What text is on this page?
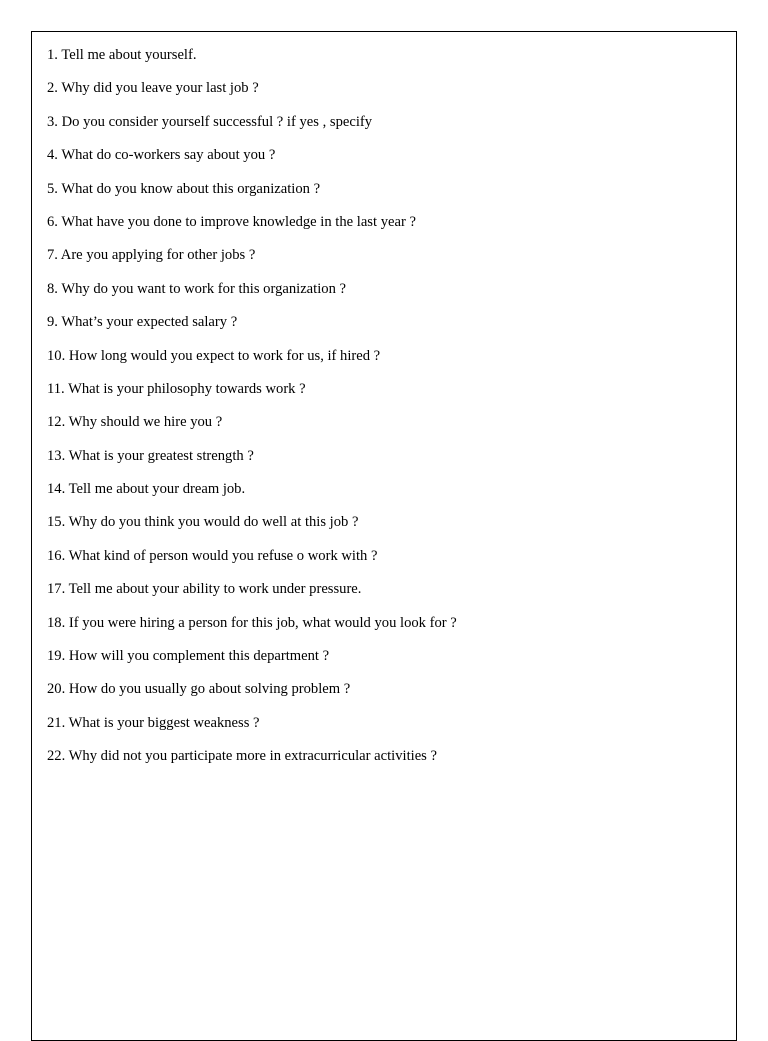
1. Tell me about yourself.
2. Why did you leave your last job ?
3. Do you consider yourself successful ? if yes , specify
4. What do co-workers say about you ?
5. What do you know about this organization ?
6. What have you done to improve knowledge in the last year ?
7. Are you applying for other jobs ?
8. Why do you want to work for this organization ?
9. What’s your expected salary ?
10. How long would you expect to work for us, if hired ?
11. What is your philosophy towards work ?
12. Why should we hire you ?
13. What is your greatest strength ?
14. Tell me about your dream job.
15. Why do you think you would do well at this job ?
16. What kind of person would you refuse o work with ?
17. Tell me about your ability to work under pressure.
18. If you were hiring a person for this job, what would you look for ?
19. How will you complement this department ?
20. How do you usually go about solving problem ?
21. What is your biggest weakness ?
22. Why did not you participate more in extracurricular activities ?
